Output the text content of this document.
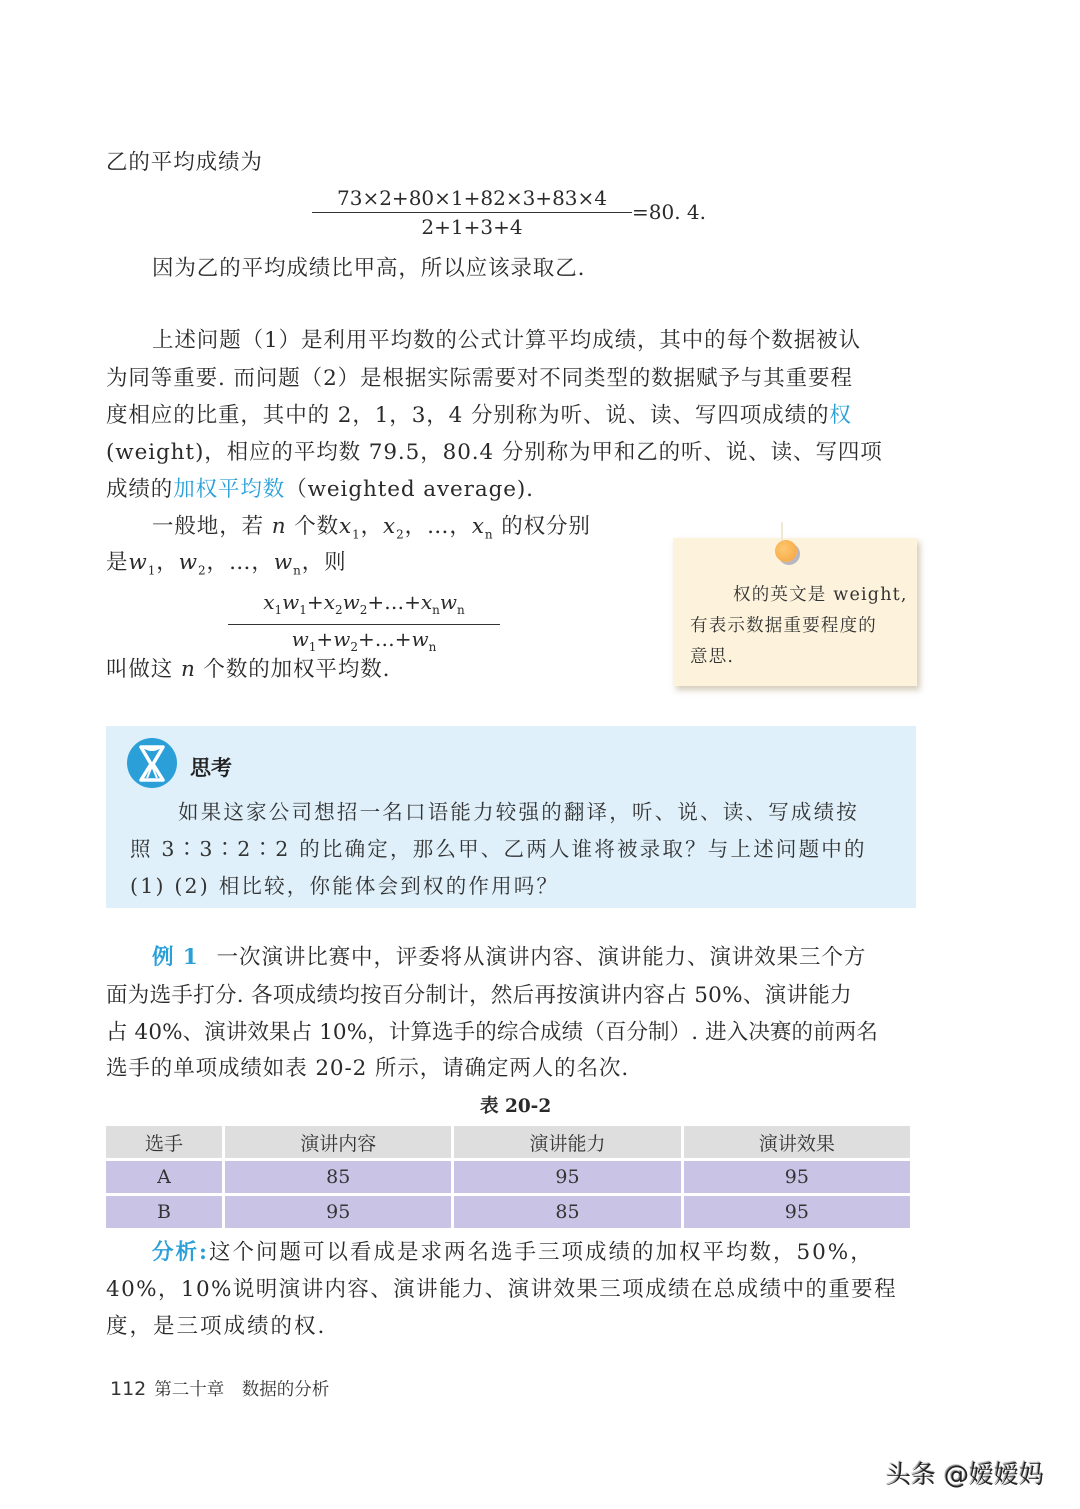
乙的平均成绩为
$\frac{73\times 2+80\times 1+82\times 3+83\times 4}{2+1+3+4} =80$. 4.
因为乙的平均成绩比甲高，所以应该录取乙.
上述问题（1）是利用平均数的公式计算平均成绩，其中的每个数据被认
为同等重要. 而问题（2）是根据实际需要对不同类型的数据赋予与其重要程
度相应的比重，其中的 2，1，3，4 分别称为听、说、读、写四项成绩的权
(weight)，相应的平均数 79.5，80.4 分别称为甲和乙的听、说、读、写四项
成绩的加权平均数（weighted average).
一般地，若 n 个数$x_1$，$x_2$，…，$x_n$ 的权分别
是$w_1$，$w_2$，…，$w_n$，则
$x_1w_1+x_2w_2+\dots+x_nw_n$
$w_1+w_2+\dots+w_n$
叫做这 n 个数的加权平均数.
权的英文是 weight,
有表示数据重要程度的
意思.
思考
如果这家公司想招一名口语能力较强的翻译，听、说、读、写成绩按
照 3∶3∶2∶2 的比确定，那么甲、乙两人谁将被录取？与上述问题中的
(1) (2) 相比较，你能体会到权的作用吗？
例 1 一次演讲比赛中，评委将从演讲内容、演讲能力、演讲效果三个方
面为选手打分. 各项成绩均按百分制计，然后再按演讲内容占 50%、演讲能力
占 40%、演讲效果占 10%，计算选手的综合成绩（百分制）. 进入决赛的前两名
选手的单项成绩如表 20-2 所示，请确定两人的名次.
表 20-2
选手	演讲内容	演讲能力	演讲效果
A	85	95	95
B	95	85	95
分析:这个问题可以看成是求两名选手三项成绩的加权平均数，50%，
40%，10%说明演讲内容、演讲能力、演讲效果三项成绩在总成绩中的重要程
度，是三项成绩的权.
112 第二十章　数据的分析
头条 @嫒嫒妈
